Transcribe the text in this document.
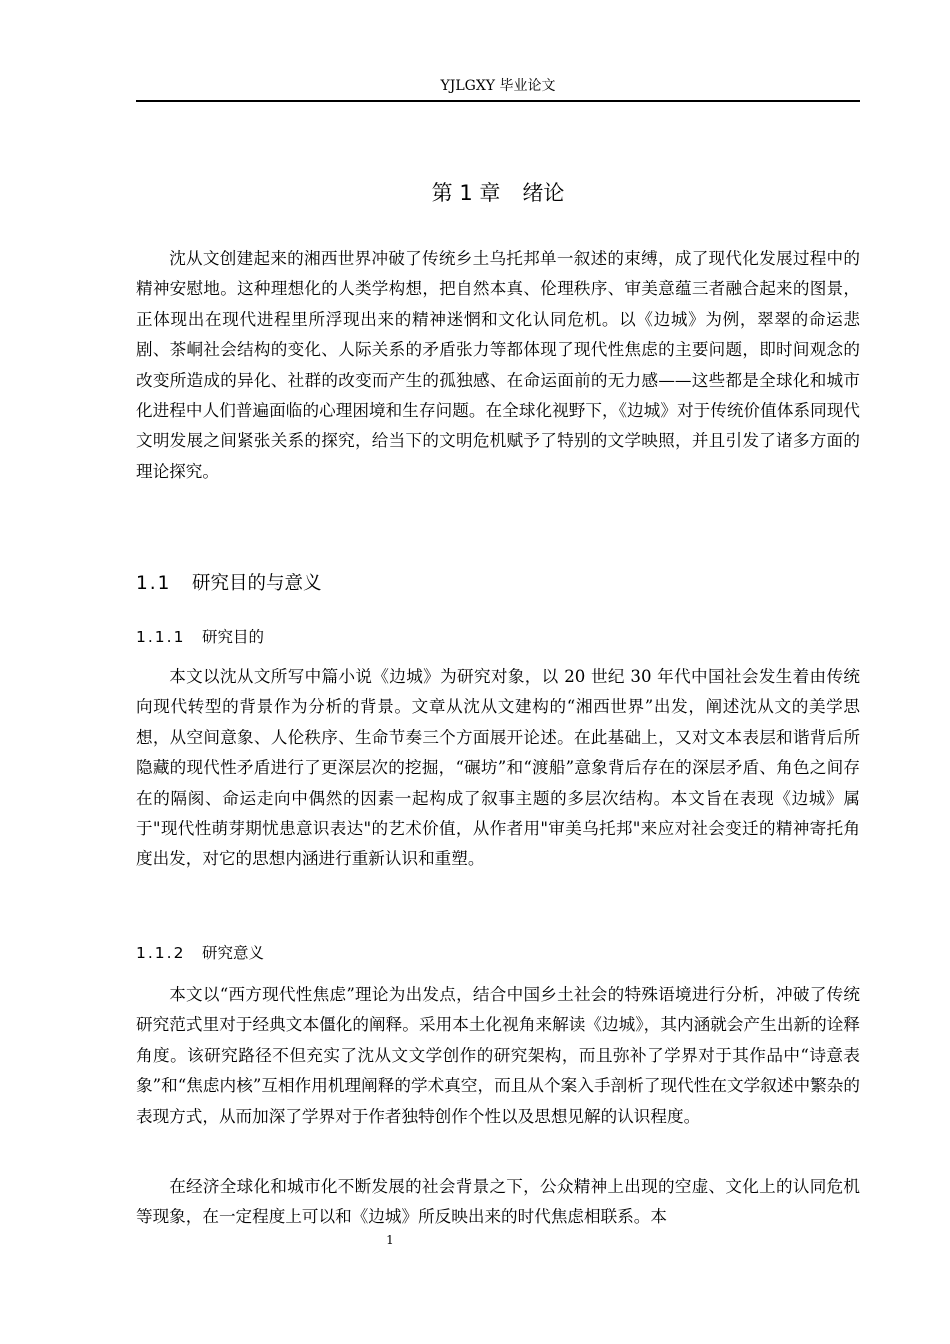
YJLGXY 毕业论文
第 1 章 绪论

沈从文创建起来的湘西世界冲破了传统乡土乌托邦单一叙述的束缚，成了现代化发展过程中的精神安慰地。这种理想化的人类学构想，把自然本真、伦理秩序、审美意蕴三者融合起来的图景，正体现出在现代进程里所浮现出来的精神迷惘和文化认同危机。以《边城》为例，翠翠的命运悲剧、茶峒社会结构的变化、人际关系的矛盾张力等都体现了现代性焦虑的主要问题，即时间观念的改变所造成的异化、社群的改变而产生的孤独感、在命运面前的无力感——这些都是全球化和城市化进程中人们普遍面临的心理困境和生存问题。在全球化视野下，《边城》对于传统价值体系同现代文明发展之间紧张关系的探究，给当下的文明危机赋予了特别的文学映照，并且引发了诸多方面的理论探究。

1.1 研究目的与意义
1.1.1 研究目的

本文以沈从文所写中篇小说《边城》为研究对象，以 20 世纪 30 年代中国社会发生着由传统向现代转型的背景作为分析的背景。文章从沈从文建构的“湘西世界”出发，阐述沈从文的美学思想，从空间意象、人伦秩序、生命节奏三个方面展开论述。在此基础上，又对文本表层和谐背后所隐藏的现代性矛盾进行了更深层次的挖掘，“碾坊”和“渡船”意象背后存在的深层矛盾、角色之间存在的隔阂、命运走向中偶然的因素一起构成了叙事主题的多层次结构。本文旨在表现《边城》属于"现代性萌芽期忧患意识表达"的艺术价值，从作者用"审美乌托邦"来应对社会变迁的精神寄托角度出发，对它的思想内涵进行重新认识和重塑。

1.1.2 研究意义

本文以“西方现代性焦虑”理论为出发点，结合中国乡土社会的特殊语境进行分析，冲破了传统研究范式里对于经典文本僵化的阐释。采用本土化视角来解读《边城》，其内涵就会产生出新的诠释角度。该研究路径不但充实了沈从文文学创作的研究架构，而且弥补了学界对于其作品中“诗意表象”和“焦虑内核”互相作用机理阐释的学术真空，而且从个案入手剖析了现代性在文学叙述中繁杂的表现方式，从而加深了学界对于作者独特创作个性以及思想见解的认识程度。

在经济全球化和城市化不断发展的社会背景之下，公众精神上出现的空虚、文化上的认同危机等现象，在一定程度上可以和《边城》所反映出来的时代焦虑相联系。本

1
